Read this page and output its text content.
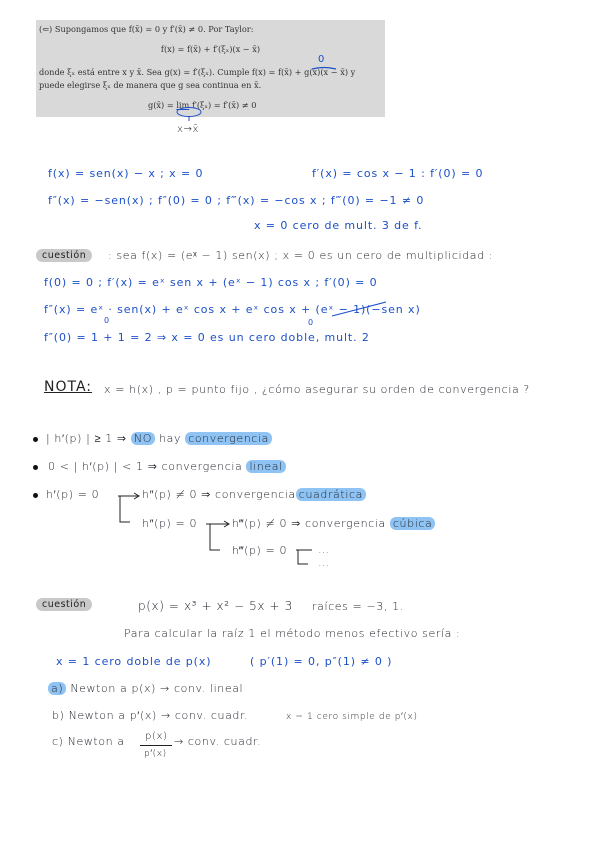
(⇐) Supongamos que f(x̄) = 0 y f′(x̄) ≠ 0. Por Taylor:
f(x) = f(x̄) + f′(ξₓ)(x − x̄)
donde ξₓ está entre x y x̄. Sea g(x) = f′(ξₓ). Cumple f(x) = f(x̄) + g(x)(x − x̄) y
puede elegirse ξₓ de manera que g sea continua en x̄.
g(x̄) = lim f′(ξₓ) = f′(x̄) ≠ 0
0
x→x̄
f(x) = sen(x) − x ; x = 0	f′(x) = cos x − 1 : f′(0) = 0
f″(x) = −sen(x) ; f″(0) = 0 ; f‴(x) = −cos x ; f‴(0) = −1 ≠ 0
x = 0 cero de mult. 3 de f.
cuestión	: sea f(x) = (eˣ − 1) sen(x) ; x = 0 es un cero de multiplicidad :
f(0) = 0 ; f′(x) = eˣ sen x + (eˣ − 1) cos x ; f′(0) = 0
f″(x) = eˣ · sen(x) + eˣ cos x + eˣ cos x + (eˣ − 1)(−sen x)
0	0
f″(0) = 1 + 1 = 2 ⇒ x = 0 es un cero doble, mult. 2
NOTA: x = h(x) , p = punto fijo , ¿cómo asegurar su orden de convergencia ?
| h′(p) | ≥ 1 ⇒ NO hay convergencia
0 < | h′(p) | < 1 ⇒ convergencia lineal
h′(p) = 0	h″(p) ≠ 0 ⇒ convergencia cuadrática
h″(p) = 0	h‴(p) ≠ 0 ⇒ convergencia cúbica
h‴(p) = 0	…
…
cuestión	p(x) = x³ + x² − 5x + 3 raíces = −3, 1.
Para calcular la raíz 1 el método menos efectivo sería :
x = 1 cero doble de p(x)	( p′(1) = 0, p″(1) ≠ 0 )
a) Newton a p(x) → conv. lineal
b) Newton a p′(x) → conv. cuadr.	x = 1 cero simple de p′(x)
c) Newton a p(x)
p′(x)
→ conv. cuadr.
